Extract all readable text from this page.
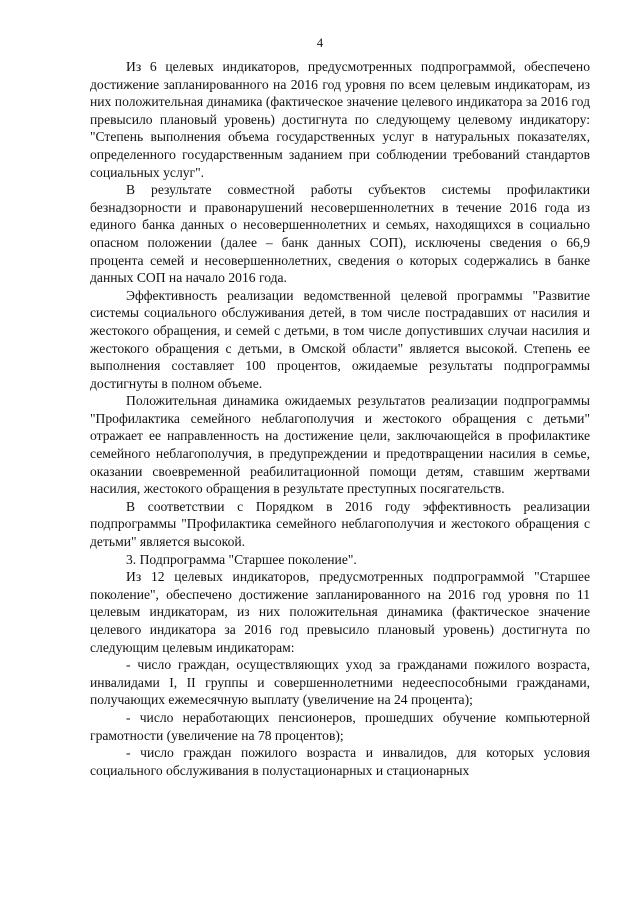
4

Из 6 целевых индикаторов, предусмотренных подпрограммой, обеспечено достижение запланированного на 2016 год уровня по всем целевым индикаторам, из них положительная динамика (фактическое значение целевого индикатора за 2016 год превысило плановый уровень) достигнута по следующему целевому индикатору: "Степень выполнения объема государственных услуг в натуральных показателях, определенного государственным заданием при соблюдении требований стандартов социальных услуг".

В результате совместной работы субъектов системы профилактики безнадзорности и правонарушений несовершеннолетних в течение 2016 года из единого банка данных о несовершеннолетних и семьях, находящихся в социально опасном положении (далее – банк данных СОП), исключены сведения о 66,9 процента семей и несовершеннолетних, сведения о которых содержались в банке данных СОП на начало 2016 года.

Эффективность реализации ведомственной целевой программы "Развитие системы социального обслуживания детей, в том числе пострадавших от насилия и жестокого обращения, и семей с детьми, в том числе допустивших случаи насилия и жестокого обращения с детьми, в Омской области" является высокой. Степень ее выполнения составляет 100 процентов, ожидаемые результаты подпрограммы достигнуты в полном объеме.

Положительная динамика ожидаемых результатов реализации подпрограммы "Профилактика семейного неблагополучия и жестокого обращения с детьми" отражает ее направленность на достижение цели, заключающейся в профилактике семейного неблагополучия, в предупреждении и предотвращении насилия в семье, оказании своевременной реабилитационной помощи детям, ставшим жертвами насилия, жестокого обращения в результате преступных посягательств.

В соответствии с Порядком в 2016 году эффективность реализации подпрограммы "Профилактика семейного неблагополучия и жестокого обращения с детьми" является высокой.

3. Подпрограмма "Старшее поколение".

Из 12 целевых индикаторов, предусмотренных подпрограммой "Старшее поколение", обеспечено достижение запланированного на 2016 год уровня по 11 целевым индикаторам, из них положительная динамика (фактическое значение целевого индикатора за 2016 год превысило плановый уровень) достигнута по следующим целевым индикаторам:

- число граждан, осуществляющих уход за гражданами пожилого возраста, инвалидами I, II группы и совершеннолетними недееспособными гражданами, получающих ежемесячную выплату (увеличение на 24 процента);

- число неработающих пенсионеров, прошедших обучение компьютерной грамотности (увеличение на 78 процентов);

- число граждан пожилого возраста и инвалидов, для которых условия социального обслуживания в полустационарных и стационарных
